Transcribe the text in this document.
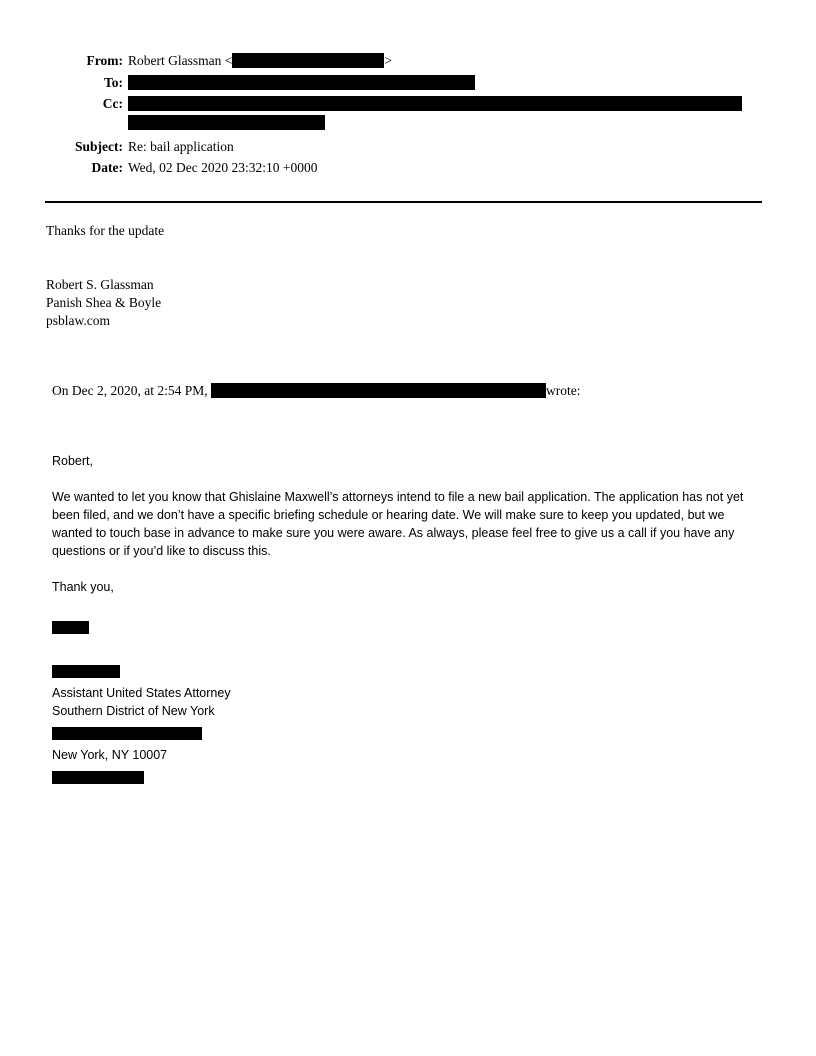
From: Robert Glassman <	>
To:
Cc:
Subject: Re: bail application
Date: Wed, 02 Dec 2020 23:32:10 +0000
Thanks for the update
Robert S. Glassman
Panish Shea & Boyle
psblaw.com
On Dec 2, 2020, at 2:54 PM,	wrote:
Robert,

We wanted to let you know that Ghislaine Maxwell’s attorneys intend to file a new bail application. The application has not yet been filed, and we don’t have a specific briefing schedule or hearing date. We will make sure to keep you updated, but we wanted to touch base in advance to make sure you were aware. As always, please feel free to give us a call if you have any questions or if you’d like to discuss this.

Thank you,
Assistant United States Attorney
Southern District of New York
New York, NY 10007
